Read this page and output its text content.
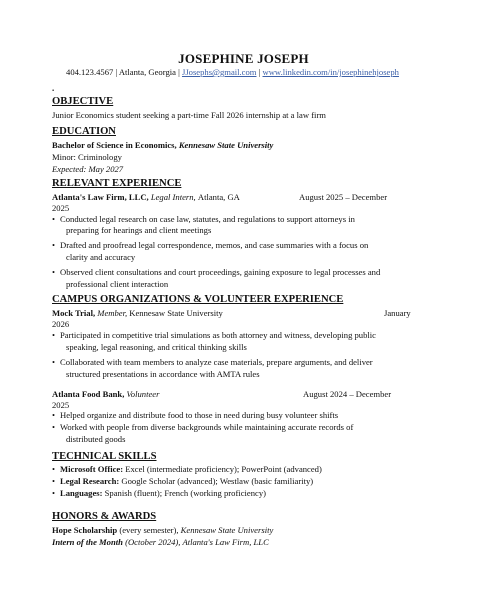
JOSEPHINE JOSEPH
404.123.4567 | Atlanta, Georgia | JJosephs@gmail.com | www.linkedin.com/in/josephinehjoseph
.
OBJECTIVE
Junior Economics student seeking a part-time Fall 2026 internship at a law firm
EDUCATION
Bachelor of Science in Economics, Kennesaw State University
Minor: Criminology
Expected: May 2027
RELEVANT EXPERIENCE
Atlanta's Law Firm, LLC, Legal Intern, Atlanta, GA	August 2025 – December
2025
• Conducted legal research on case law, statutes, and regulations to support attorneys in
preparing for hearings and client meetings
• Drafted and proofread legal correspondence, memos, and case summaries with a focus on
clarity and accuracy
• Observed client consultations and court proceedings, gaining exposure to legal processes and
professional client interaction
CAMPUS ORGANIZATIONS & VOLUNTEER EXPERIENCE
Mock Trial, Member, Kennesaw State University	January
2026
• Participated in competitive trial simulations as both attorney and witness, developing public
speaking, legal reasoning, and critical thinking skills
• Collaborated with team members to analyze case materials, prepare arguments, and deliver
structured presentations in accordance with AMTA rules
Atlanta Food Bank, Volunteer	August 2024 – December
2025
• Helped organize and distribute food to those in need during busy volunteer shifts
• Worked with people from diverse backgrounds while maintaining accurate records of
distributed goods
TECHNICAL SKILLS
• Microsoft Office: Excel (intermediate proficiency); PowerPoint (advanced)
• Legal Research: Google Scholar (advanced); Westlaw (basic familiarity)
• Languages: Spanish (fluent); French (working proficiency)
HONORS & AWARDS
Hope Scholarship (every semester), Kennesaw State University
Intern of the Month (October 2024), Atlanta's Law Firm, LLC
